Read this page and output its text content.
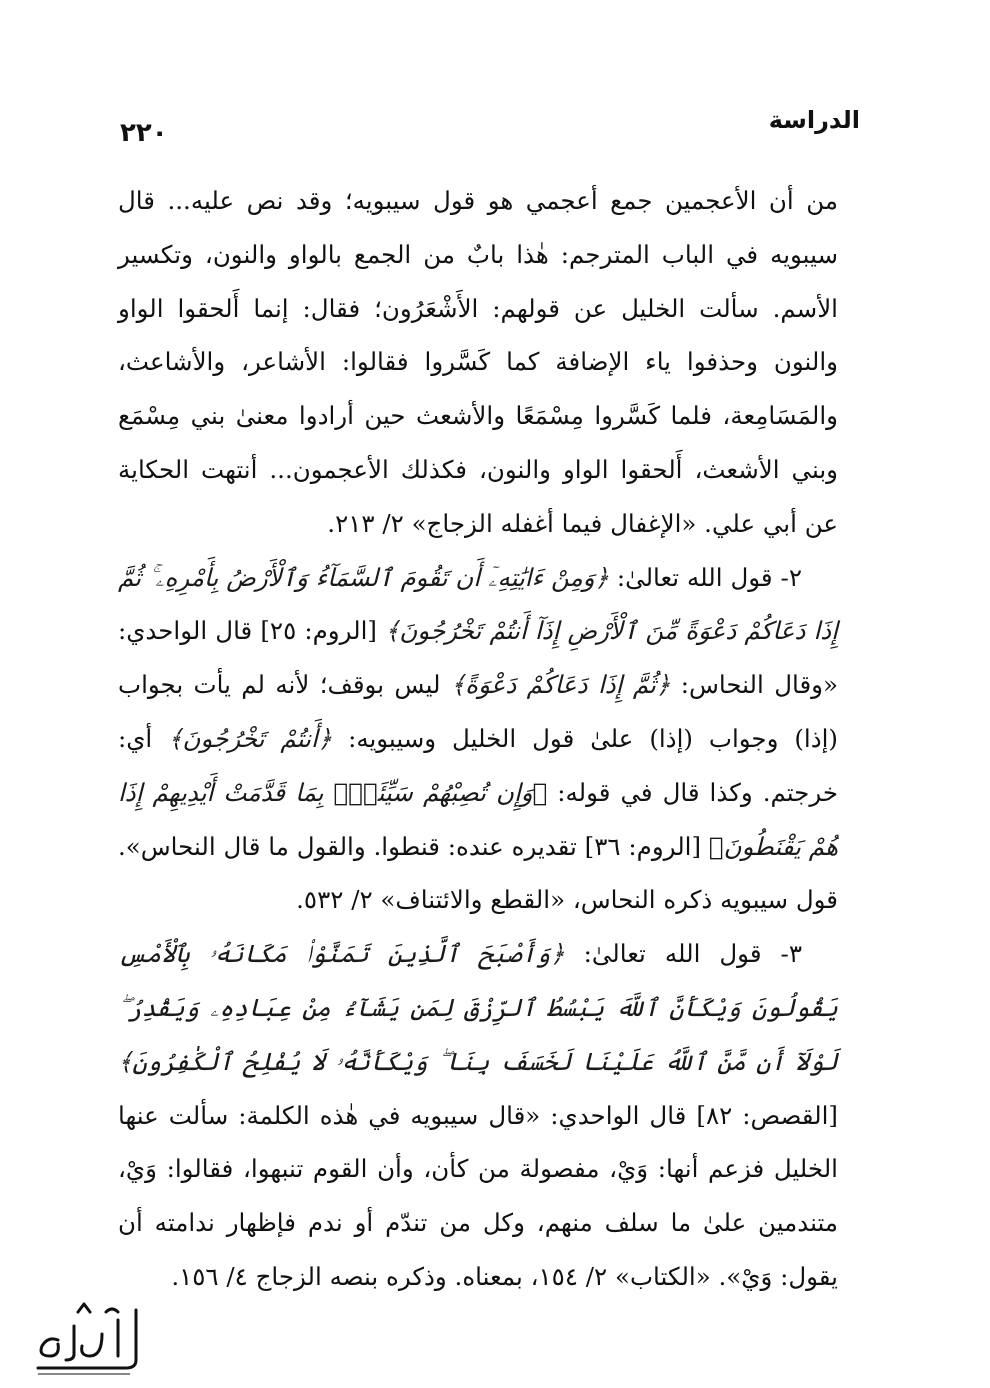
الدراسة
٢٢٠

من أن الأعجمين جمع أعجمي هو قول سيبويه؛ وقد نص عليه... قال سيبويه في الباب المترجم: هٰذا بابٌ من الجمع بالواو والنون، وتكسير الأسم. سألت الخليل عن قولهم: الأَشْعَرُون؛ فقال: إنما أَلحقوا الواو والنون وحذفوا ياء الإضافة كما كَسَّروا فقالوا: الأشاعر، والأشاعث، والمَسَامِعة، فلما كَسَّروا مِسْمَعًا والأشعث حين أرادوا معنىٰ بني مِسْمَع وبني الأشعث، أَلحقوا الواو والنون، فكذلك الأعجمون... أنتهت الحكاية عن أبي علي. «الإغفال فيما أغفله الزجاج» ٢/ ٢١٣.

٢- قول الله تعالىٰ: ﴿وَمِنْ ءَايَٰتِهِۦٓ أَن تَقُومَ ٱلسَّمَآءُ وَٱلْأَرْضُ بِأَمْرِهِۦ ۚ ثُمَّ إِذَا دَعَاكُمْ دَعْوَةً مِّنَ ٱلْأَرْضِ إِذَآ أَنتُمْ تَخْرُجُونَ﴾ [الروم: ٢٥] قال الواحدي: «وقال النحاس: ﴿ثُمَّ إِذَا دَعَاكُمْ دَعْوَةً﴾ ليس بوقف؛ لأنه لم يأت بجواب (إذا) وجواب (إذا) علىٰ قول الخليل وسيبويه: ﴿أَنتُمْ تَخْرُجُونَ﴾ أي: خرجتم. وكذا قال في قوله: ﴿وَإِن تُصِبْهُمْ سَيِّئَةٌۢ بِمَا قَدَّمَتْ أَيْدِيهِمْ إِذَا هُمْ يَقْنَطُونَ﴾ [الروم: ٣٦] تقديره عنده: قنطوا. والقول ما قال النحاس». قول سيبويه ذكره النحاس، «القطع والائتناف» ٢/ ٥٣٢.

٣- قول الله تعالىٰ: ﴿وَأَصْبَحَ ٱلَّذِينَ تَمَنَّوْا۟ مَكَانَهُۥ بِٱلْأَمْسِ يَقُولُونَ وَيْكَأَنَّ ٱللَّهَ يَبْسُطُ ٱلرِّزْقَ لِمَن يَشَآءُ مِنْ عِبَادِهِۦ وَيَقْدِرُ ۖ لَوْلَآ أَن مَّنَّ ٱللَّهُ عَلَيْنَا لَخَسَفَ بِنَا ۖ وَيْكَأَنَّهُۥ لَا يُفْلِحُ ٱلْكَٰفِرُونَ﴾ [القصص: ٨٢] قال الواحدي: «قال سيبويه في هٰذه الكلمة: سألت عنها الخليل فزعم أنها: وَيْ، مفصولة من كأن، وأن القوم تنبهوا، فقالوا: وَيْ، متندمين علىٰ ما سلف منهم، وكل من تندّم أو ندم فإظهار ندامته أن يقول: وَيْ». «الكتاب» ٢/ ١٥٤، بمعناه. وذكره بنصه الزجاج ٤/ ١٥٦.
